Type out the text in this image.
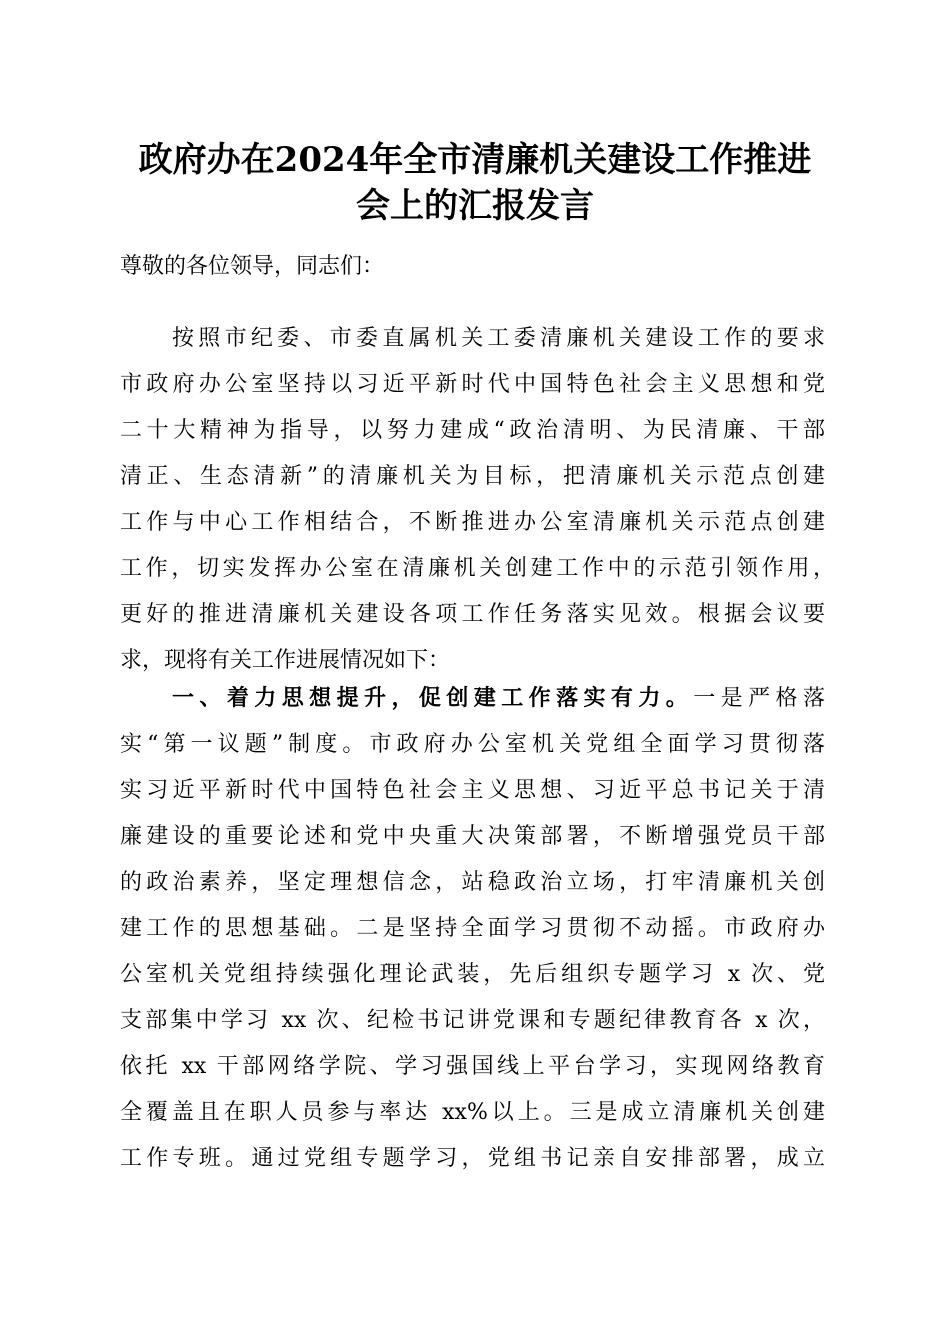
政府办在2024年全市清廉机关建设工作推进
会上的汇报发言
尊敬的各位领导，同志们：
按照市纪委、市委直属机关工委清廉机关建设工作的要求
市政府办公室坚持以习近平新时代中国特色社会主义思想和党
二十大精神为指导，以努力建成“政治清明、为民清廉、干部
清正、生态清新”的清廉机关为目标，把清廉机关示范点创建
工作与中心工作相结合，不断推进办公室清廉机关示范点创建
工作，切实发挥办公室在清廉机关创建工作中的示范引领作用，
更好的推进清廉机关建设各项工作任务落实见效。根据会议要
求，现将有关工作进展情况如下：
一、着力思想提升，促创建工作落实有力。一是严格落
实“第一议题”制度。市政府办公室机关党组全面学习贯彻落
实习近平新时代中国特色社会主义思想、习近平总书记关于清
廉建设的重要论述和党中央重大决策部署，不断增强党员干部
的政治素养，坚定理想信念，站稳政治立场，打牢清廉机关创
建工作的思想基础。二是坚持全面学习贯彻不动摇。市政府办
公室机关党组持续强化理论武装，先后组织专题学习 x 次、党
支部集中学习 xx 次、纪检书记讲党课和专题纪律教育各 x 次，
依托 xx 干部网络学院、学习强国线上平台学习，实现网络教育
全覆盖且在职人员参与率达 xx%以上。三是成立清廉机关创建
工作专班。通过党组专题学习，党组书记亲自安排部署，成立
